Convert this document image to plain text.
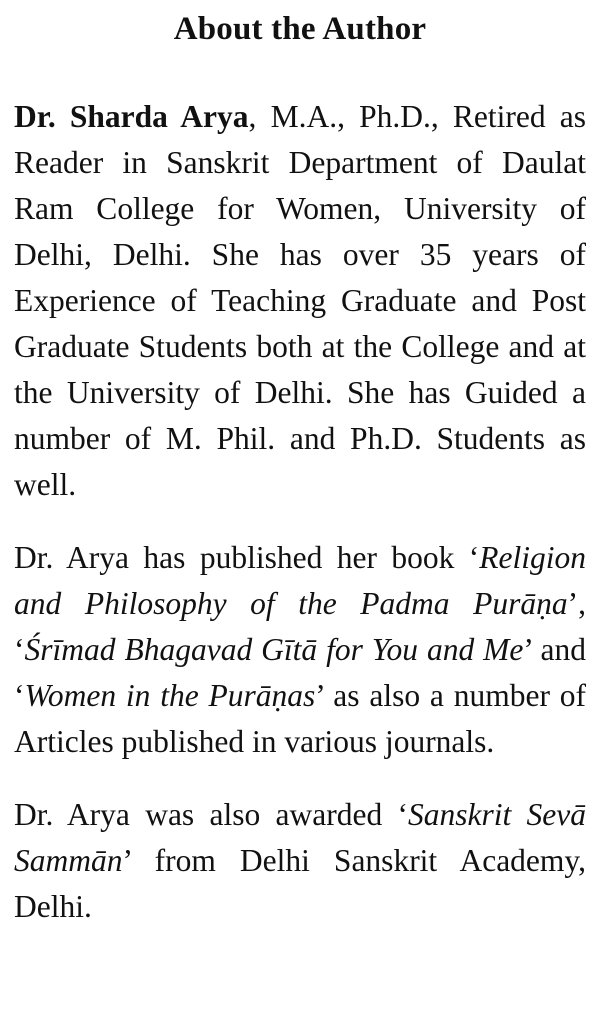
About the Author

Dr. Sharda Arya, M.A., Ph.D., Retired as Reader in Sanskrit Department of Daulat Ram College for Women, University of Delhi, Delhi. She has over 35 years of Experience of Teaching Graduate and Post Graduate Students both at the College and at the University of Delhi. She has Guided a number of M. Phil. and Ph.D. Students as well.

Dr. Arya has published her book ‘Religion and Philosophy of the Padma Purāṇa’, ‘Śrīmad Bhagavad Gītā for You and Me’ and ‘Women in the Purāṇas’ as also a number of Articles published in various journals.

Dr. Arya was also awarded ‘Sanskrit Sevā Sammān’ from Delhi Sanskrit Academy, Delhi.
